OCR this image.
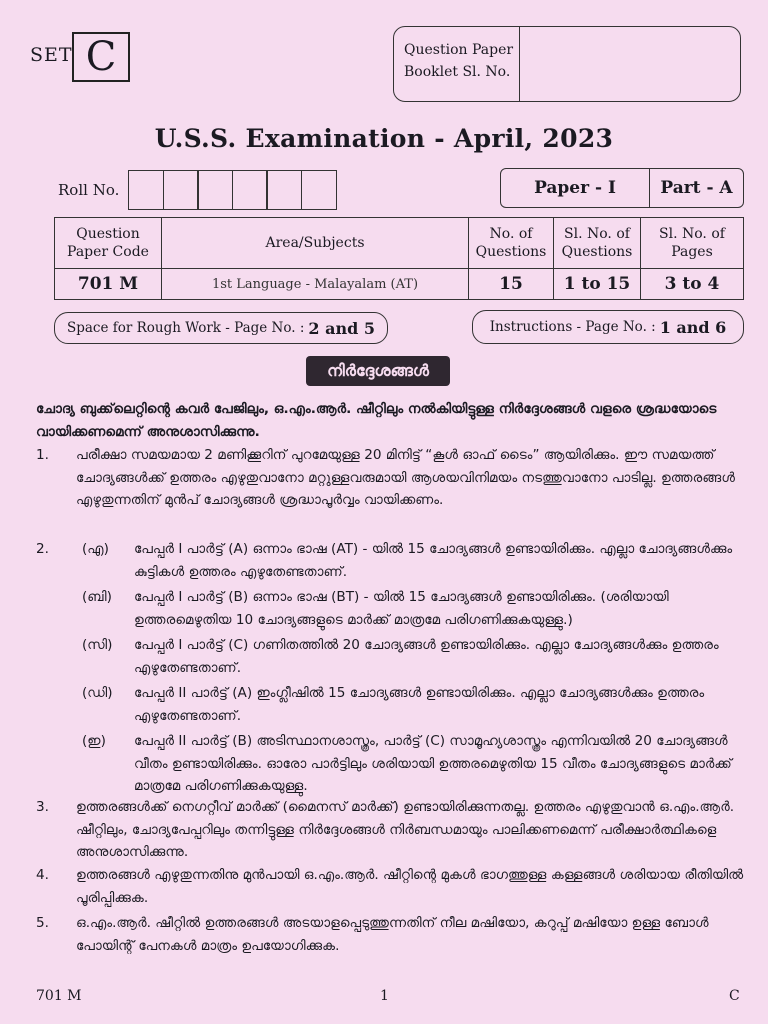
SET C	Question Paper
Booklet Sl. No.
U.S.S. Examination - April, 2023
Roll No.	Paper - I	Part - A
Question Paper Code	Area/Subjects	No. of Questions	Sl. No. of Questions	Sl. No. of Pages
701 M	1st Language - Malayalam (AT)	15	1 to 15	3 to 4
Space for Rough Work - Page No. : 2 and 5	Instructions - Page No. : 1 and 6
നിർദ്ദേശങ്ങൾ
ചോദ്യ ബുക്ക്‌ലെറ്റിന്റെ കവർ പേജിലും, ഒ.എം.ആർ. ഷീറ്റിലും നൽകിയിട്ടുള്ള നിർദ്ദേശങ്ങൾ വളരെ ശ്രദ്ധയോടെ വായിക്കണമെന്ന് അനുശാസിക്കുന്നു.
1.	പരീക്ഷാ സമയമായ 2 മണിക്കൂറിന് പുറമേയുള്ള 20 മിനിട്ട് “കൂൾ ഓഫ് ടൈം” ആയിരിക്കും. ഈ സമയത്ത് ചോദ്യങ്ങൾക്ക് ഉത്തരം എഴുതുവാനോ മറ്റുള്ളവരുമായി ആശയവിനിമയം നടത്തുവാനോ പാടില്ല. ഉത്തരങ്ങൾ എഴുതുന്നതിന് മുൻപ് ചോദ്യങ്ങൾ ശ്രദ്ധാപൂർവ്വം വായിക്കണം.
2.	(എ)	പേപ്പർ I പാർട്ട് (A) ഒന്നാം ഭാഷ (AT) - യിൽ 15 ചോദ്യങ്ങൾ ഉണ്ടായിരിക്കും. എല്ലാ ചോദ്യങ്ങൾക്കും കുട്ടികൾ ഉത്തരം എഴുതേണ്ടതാണ്.
(ബി)	പേപ്പർ I പാർട്ട് (B) ഒന്നാം ഭാഷ (BT) - യിൽ 15 ചോദ്യങ്ങൾ ഉണ്ടായിരിക്കും. (ശരിയായി ഉത്തരമെഴുതിയ 10 ചോദ്യങ്ങളുടെ മാർക്ക് മാത്രമേ പരിഗണിക്കുകയുള്ളു.)
(സി)	പേപ്പർ I പാർട്ട് (C) ഗണിതത്തിൽ 20 ചോദ്യങ്ങൾ ഉണ്ടായിരിക്കും. എല്ലാ ചോദ്യങ്ങൾക്കും ഉത്തരം എഴുതേണ്ടതാണ്.
(ഡി)	പേപ്പർ II പാർട്ട് (A) ഇംഗ്ലീഷിൽ 15 ചോദ്യങ്ങൾ ഉണ്ടായിരിക്കും. എല്ലാ ചോദ്യങ്ങൾക്കും ഉത്തരം എഴുതേണ്ടതാണ്.
(ഇ)	പേപ്പർ II പാർട്ട് (B) അടിസ്ഥാനശാസ്ത്രം, പാർട്ട് (C) സാമൂഹ്യശാസ്ത്രം എന്നിവയിൽ 20 ചോദ്യങ്ങൾ വീതം ഉണ്ടായിരിക്കും. ഓരോ പാർട്ടിലും ശരിയായി ഉത്തരമെഴുതിയ 15 വീതം ചോദ്യങ്ങളുടെ മാർക്ക് മാത്രമേ പരിഗണിക്കുകയുള്ളു.
3.	ഉത്തരങ്ങൾക്ക് നെഗറ്റീവ് മാർക്ക് (മൈനസ് മാർക്ക്) ഉണ്ടായിരിക്കുന്നതല്ല. ഉത്തരം എഴുതുവാൻ ഒ.എം.ആർ. ഷീറ്റിലും, ചോദ്യപേപ്പറിലും തന്നിട്ടുള്ള നിർദ്ദേശങ്ങൾ നിർബന്ധമായും പാലിക്കണമെന്ന് പരീക്ഷാർത്ഥികളെ അനുശാസിക്കുന്നു.
4.	ഉത്തരങ്ങൾ എഴുതുന്നതിനു മുൻപായി ഒ.എം.ആർ. ഷീറ്റിന്റെ മുകൾ ഭാഗത്തുള്ള കള്ളങ്ങൾ ശരിയായ രീതിയിൽ പൂരിപ്പിക്കുക.
5.	ഒ.എം.ആർ. ഷീറ്റിൽ ഉത്തരങ്ങൾ അടയാളപ്പെടുത്തുന്നതിന് നീല മഷിയോ, കറുപ്പ് മഷിയോ ഉള്ള ബോൾ പോയിന്റ് പേനകൾ മാത്രം ഉപയോഗിക്കുക.
701 M	1	C
